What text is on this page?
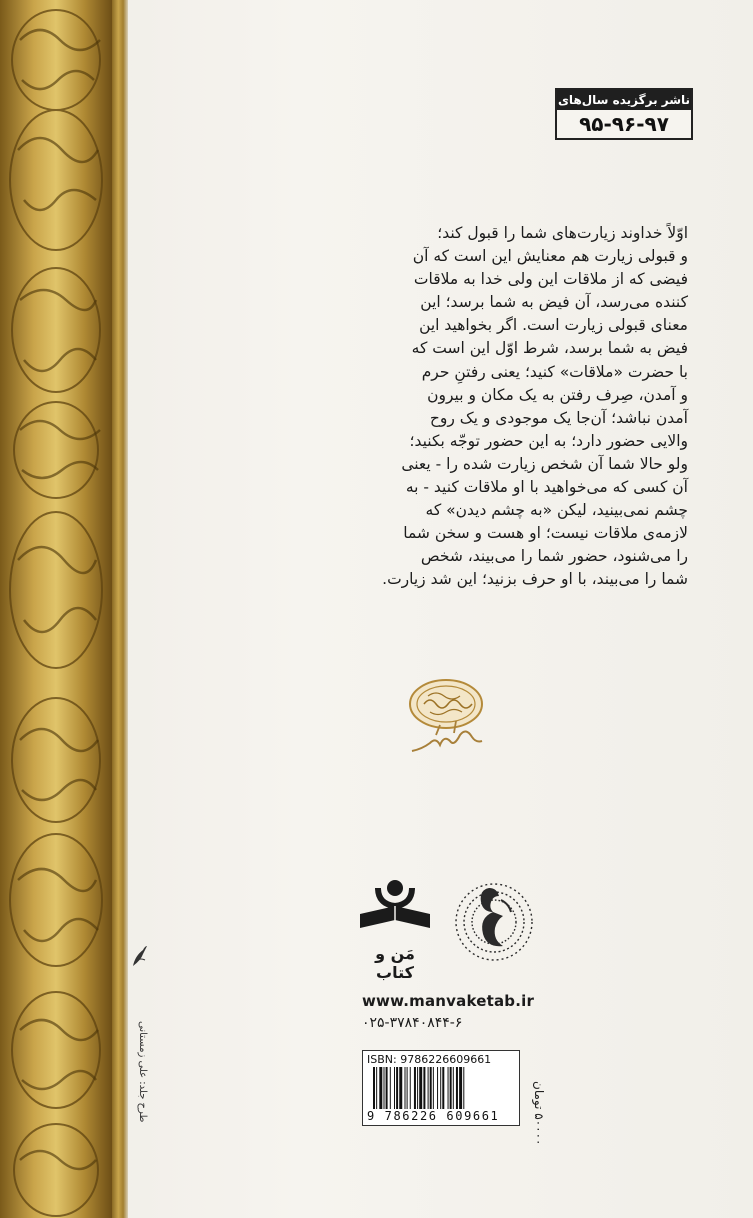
ناشر برگزیده سال‌های
۹۵-۹۶-۹۷

اوّلاً خداوند زیارت‌های شما را قبول کند؛

و قبولی زیارت هم معنایش این است که آن

فیضی که از ملاقات این ولی خدا به ملاقات

کننده می‌رسد، آن فیض به شما برسد؛ این

معنای قبولی زیارت است. اگر بخواهید این

فیض به شما برسد، شرط اوّل این است که

با حضرت «ملاقات» کنید؛ یعنی رفتنِ حرم

و آمدن، صِرف رفتن به یک مکان و بیرون

آمدن نباشد؛ آن‌جا یک موجودی و یک روح

والایی حضور دارد؛ به این حضور توجّه بکنید؛

ولو حالا شما آن شخص زیارت شده را - یعنی

آن کسی که می‌خواهید با او ملاقات کنید - به

چشم نمی‌بینید، لیکن «به چشم دیدن» که

لازمه‌ی ملاقات نیست؛ او هست و سخن شما

را می‌شنود، حضور شما را می‌بیند، شخص

شما را می‌بیند، با او حرف بزنید؛ این شد زیارت.

مَن و کتاب
www.manvaketab.ir
۰۲۵-۳۷۸۴۰۸۴۴-۶
ISBN: 9786226609661
9 786226 609661
۵۰۰۰۰ تومان
طرح جلد: علی زمستانی
